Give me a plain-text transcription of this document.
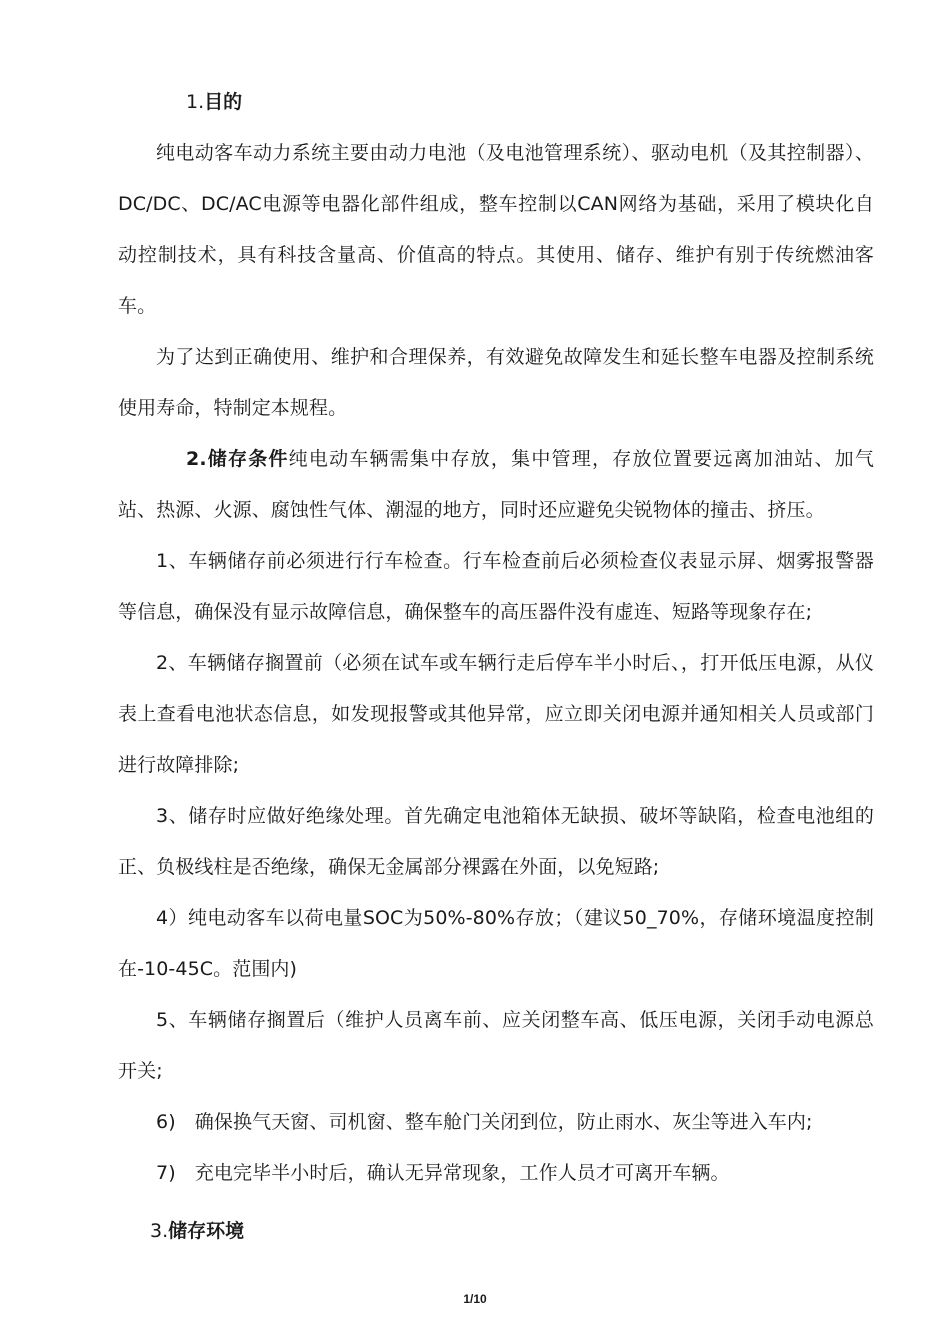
1.目的

纯电动客车动力系统主要由动力电池（及电池管理系统）、驱动电机（及其控制器）、DC/DC、DC/AC电源等电器化部件组成，整车控制以CAN网络为基础，采用了模块化自动控制技术，具有科技含量高、价值高的特点。其使用、储存、维护有别于传统燃油客车。

为了达到正确使用、维护和合理保养，有效避免故障发生和延长整车电器及控制系统使用寿命，特制定本规程。

2.储存条件纯电动车辆需集中存放，集中管理，存放位置要远离加油站、加气站、热源、火源、腐蚀性气体、潮湿的地方，同时还应避免尖锐物体的撞击、挤压。

1、车辆储存前必须进行行车检查。行车检查前后必须检查仪表显示屏、烟雾报警器等信息，确保没有显示故障信息，确保整车的高压器件没有虚连、短路等现象存在;

2、车辆储存搁置前（必须在试车或车辆行走后停车半小时后、，打开低压电源，从仪表上查看电池状态信息，如发现报警或其他异常，应立即关闭电源并通知相关人员或部门进行故障排除;

3、储存时应做好绝缘处理。首先确定电池箱体无缺损、破坏等缺陷，检查电池组的正、负极线柱是否绝缘，确保无金属部分裸露在外面，以免短路;

4）纯电动客车以荷电量SOC为50%-80%存放；（建议50_70%，存储环境温度控制在-10-45C。范围内)

5、车辆储存搁置后（维护人员离车前、应关闭整车高、低压电源，关闭手动电源总开关;

6)　确保换气天窗、司机窗、整车舱门关闭到位，防止雨水、灰尘等进入车内;

7)　充电完毕半小时后，确认无异常现象，工作人员才可离开车辆。

3.储存环境
1/10
